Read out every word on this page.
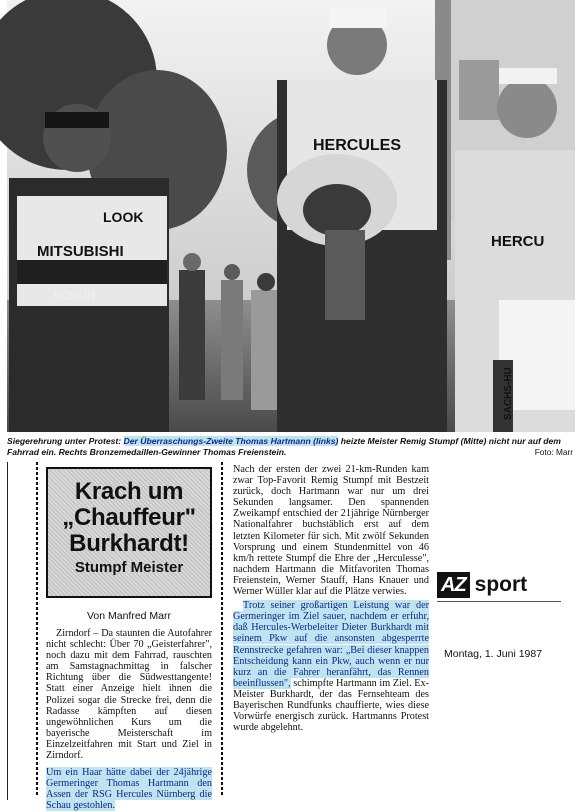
LOOK
MITSUBISHI
HERCULES
HERCU
SACHS-HU
SCHUH
Siegerehrung unter Protest: Der Überraschungs-Zweite Thomas Hartmann (links) heizte Meister Remig Stumpf (Mitte) nicht nur auf dem Fahrrad ein. Rechts Bronzemedaillen-Gewinner Thomas Freienstein.	Foto: Marr
Krach um „Chauffeur" Burkhardt!
Stumpf Meister
Von Manfred Marr

Zirndorf – Da staunten die Autofahrer nicht schlecht: Über 70 „Geisterfahrer", noch dazu mit dem Fahrrad, rauschten am Samstagnachmittag in falscher Richtung über die Südwesttangente! Statt einer Anzeige hielt ihnen die Polizei sogar die Strecke frei, denn die Radasse kämpften auf diesen ungewöhnlichen Kurs um die bayerische Meisterschaft im Einzelzeitfahren mit Start und Ziel in Zirndorf.

Um ein Haar hätte dabei der 24jährige Germeringer Thomas Hartmann den Assen der RSG Hercules Nürnberg die Schau gestohlen.

Nach der ersten der zwei 21-km-Runden kam zwar Top-Favorit Remig Stumpf mit Bestzeit zurück, doch Hartmann war nur um drei Sekunden langsamer. Den spannenden Zweikampf entschied der 21jährige Nürnberger Nationalfahrer buchstäblich erst auf dem letzten Kilometer für sich. Mit zwölf Sekunden Vorsprung und einem Stundenmittel von 46 km/h rettete Stumpf die Ehre der „Herculesse", nachdem Hartmann die Mitfavoriten Thomas Freienstein, Werner Stauff, Hans Knauer und Werner Wüller klar auf die Plätze verwies.

Trotz seiner großartigen Leistung war der Germeringer im Ziel sauer, nachdem er erfuhr, daß Hercules-Werbeleiter Dieter Burkhardt mit seinem Pkw auf die ansonsten abgesperrte Rennstrecke gefahren war: „Bei dieser knappen Entscheidung kann ein Pkw, auch wenn er nur kurz an die Fahrer heranfährt, das Rennen beeinflussen", schimpfte Hartmann im Ziel. Ex-Meister Burkhardt, der das Fernsehteam des Bayerischen Rundfunks chauffierte, wies diese Vorwürfe energisch zurück. Hartmanns Protest wurde abgelehnt.

AZ sport
Montag, 1. Juni 1987
